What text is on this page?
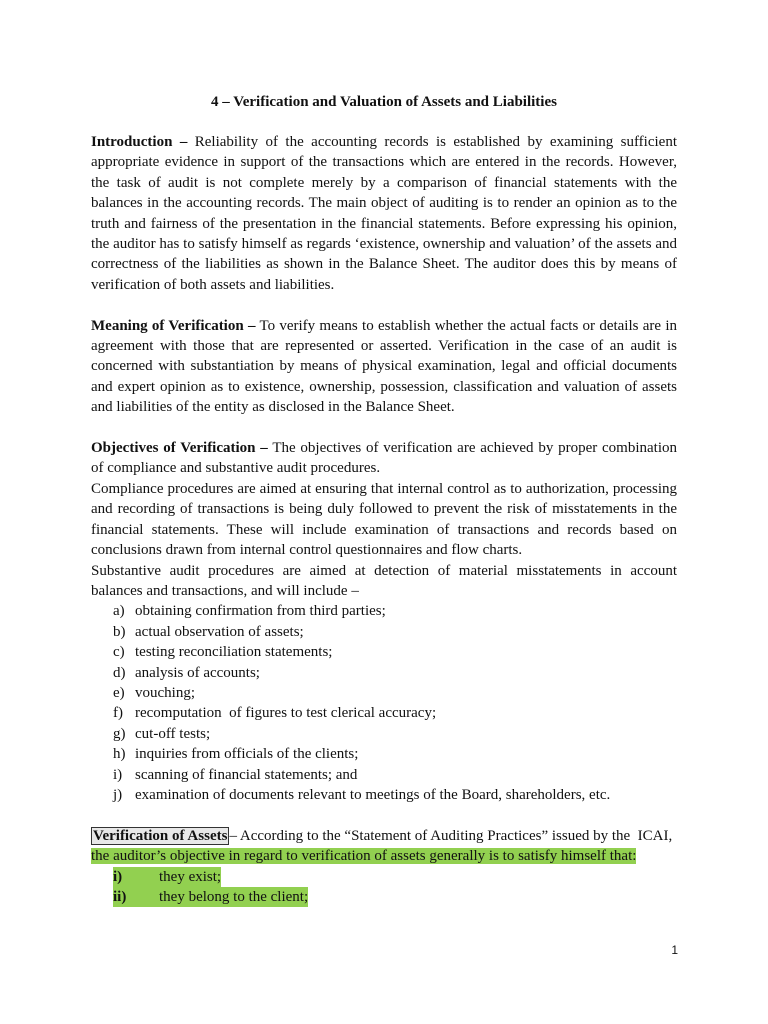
4 – Verification and Valuation of Assets and Liabilities

Introduction – Reliability of the accounting records is established by examining sufficient appropriate evidence in support of the transactions which are entered in the records. However, the task of audit is not complete merely by a comparison of financial statements with the balances in the accounting records. The main object of auditing is to render an opinion as to the truth and fairness of the presentation in the financial statements. Before expressing his opinion, the auditor has to satisfy himself as regards ‘existence, ownership and valuation’ of the assets and correctness of the liabilities as shown in the Balance Sheet. The auditor does this by means of verification of both assets and liabilities.

Meaning of Verification – To verify means to establish whether the actual facts or details are in agreement with those that are represented or asserted. Verification in the case of an audit is concerned with substantiation by means of physical examination, legal and official documents and expert opinion as to existence, ownership, possession, classification and valuation of assets and liabilities of the entity as disclosed in the Balance Sheet.

Objectives of Verification – The objectives of verification are achieved by proper combination of compliance and substantive audit procedures.

Compliance procedures are aimed at ensuring that internal control as to authorization, processing and recording of transactions is being duly followed to prevent the risk of misstatements in the financial statements. These will include examination of transactions and records based on conclusions drawn from internal control questionnaires and flow charts.

Substantive audit procedures are aimed at detection of material misstatements in account balances and transactions, and will include –

a) obtaining confirmation from third parties;
b) actual observation of assets;
c) testing reconciliation statements;
d) analysis of accounts;
e) vouching;
f) recomputation  of figures to test clerical accuracy;
g) cut-off tests;
h) inquiries from officials of the clients;
i) scanning of financial statements; and
j) examination of documents relevant to meetings of the Board, shareholders, etc.

Verification of Assets – According to the “Statement of Auditing Practices” issued by the  ICAI,
the auditor’s objective in regard to verification of assets generally is to satisfy himself that:

i) they exist;
ii) they belong to the client;
1
